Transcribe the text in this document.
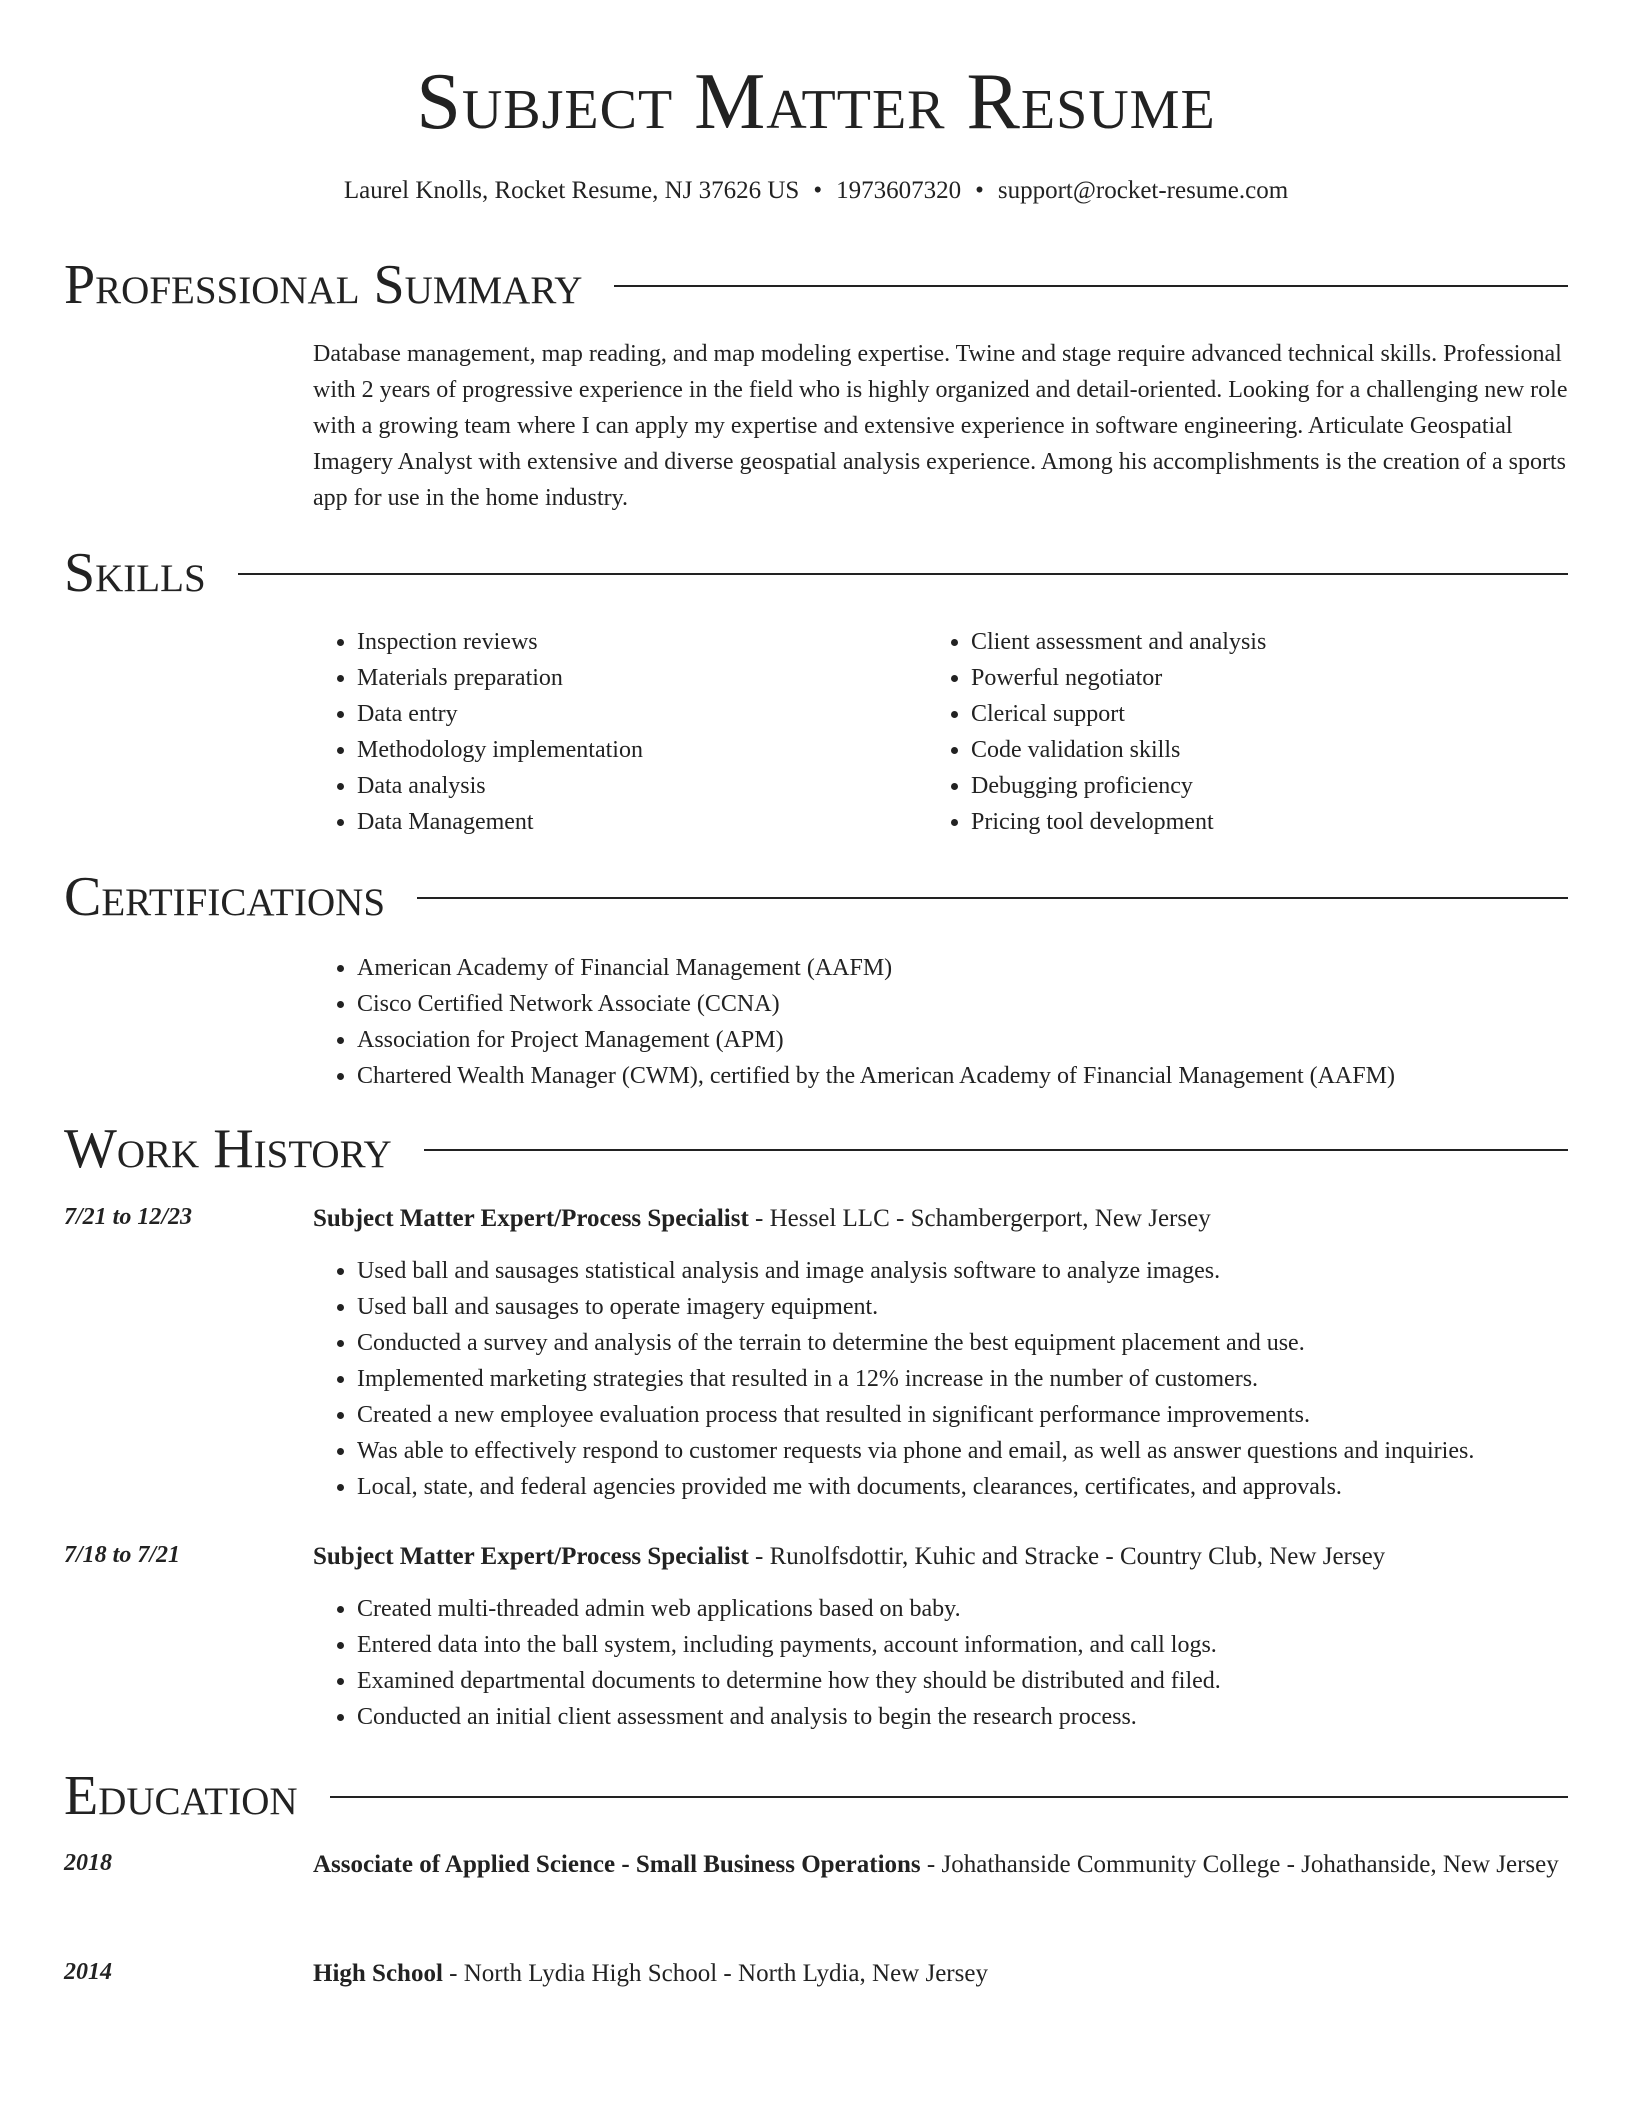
Subject Matter Resume
Laurel Knolls, Rocket Resume, NJ 37626 US • 1973607320 • support@rocket-resume.com
Professional Summary
Database management, map reading, and map modeling expertise. Twine and stage require advanced technical skills. Professional with 2 years of progressive experience in the field who is highly organized and detail-oriented. Looking for a challenging new role with a growing team where I can apply my expertise and extensive experience in software engineering. Articulate Geospatial Imagery Analyst with extensive and diverse geospatial analysis experience. Among his accomplishments is the creation of a sports app for use in the home industry.
Skills
• Inspection reviews
• Materials preparation
• Data entry
• Methodology implementation
• Data analysis
• Data Management
• Client assessment and analysis
• Powerful negotiator
• Clerical support
• Code validation skills
• Debugging proficiency
• Pricing tool development
Certifications
• American Academy of Financial Management (AAFM)
• Cisco Certified Network Associate (CCNA)
• Association for Project Management (APM)
• Chartered Wealth Manager (CWM), certified by the American Academy of Financial Management (AAFM)
Work History
7/21 to 12/23	Subject Matter Expert/Process Specialist - Hessel LLC - Schambergerport, New Jersey
• Used ball and sausages statistical analysis and image analysis software to analyze images.
• Used ball and sausages to operate imagery equipment.
• Conducted a survey and analysis of the terrain to determine the best equipment placement and use.
• Implemented marketing strategies that resulted in a 12% increase in the number of customers.
• Created a new employee evaluation process that resulted in significant performance improvements.
• Was able to effectively respond to customer requests via phone and email, as well as answer questions and inquiries.
• Local, state, and federal agencies provided me with documents, clearances, certificates, and approvals.
7/18 to 7/21	Subject Matter Expert/Process Specialist - Runolfsdottir, Kuhic and Stracke - Country Club, New Jersey
• Created multi-threaded admin web applications based on baby.
• Entered data into the ball system, including payments, account information, and call logs.
• Examined departmental documents to determine how they should be distributed and filed.
• Conducted an initial client assessment and analysis to begin the research process.
Education
2018	Associate of Applied Science - Small Business Operations - Johathanside Community College - Johathanside, New Jersey
2014	High School - North Lydia High School - North Lydia, New Jersey
